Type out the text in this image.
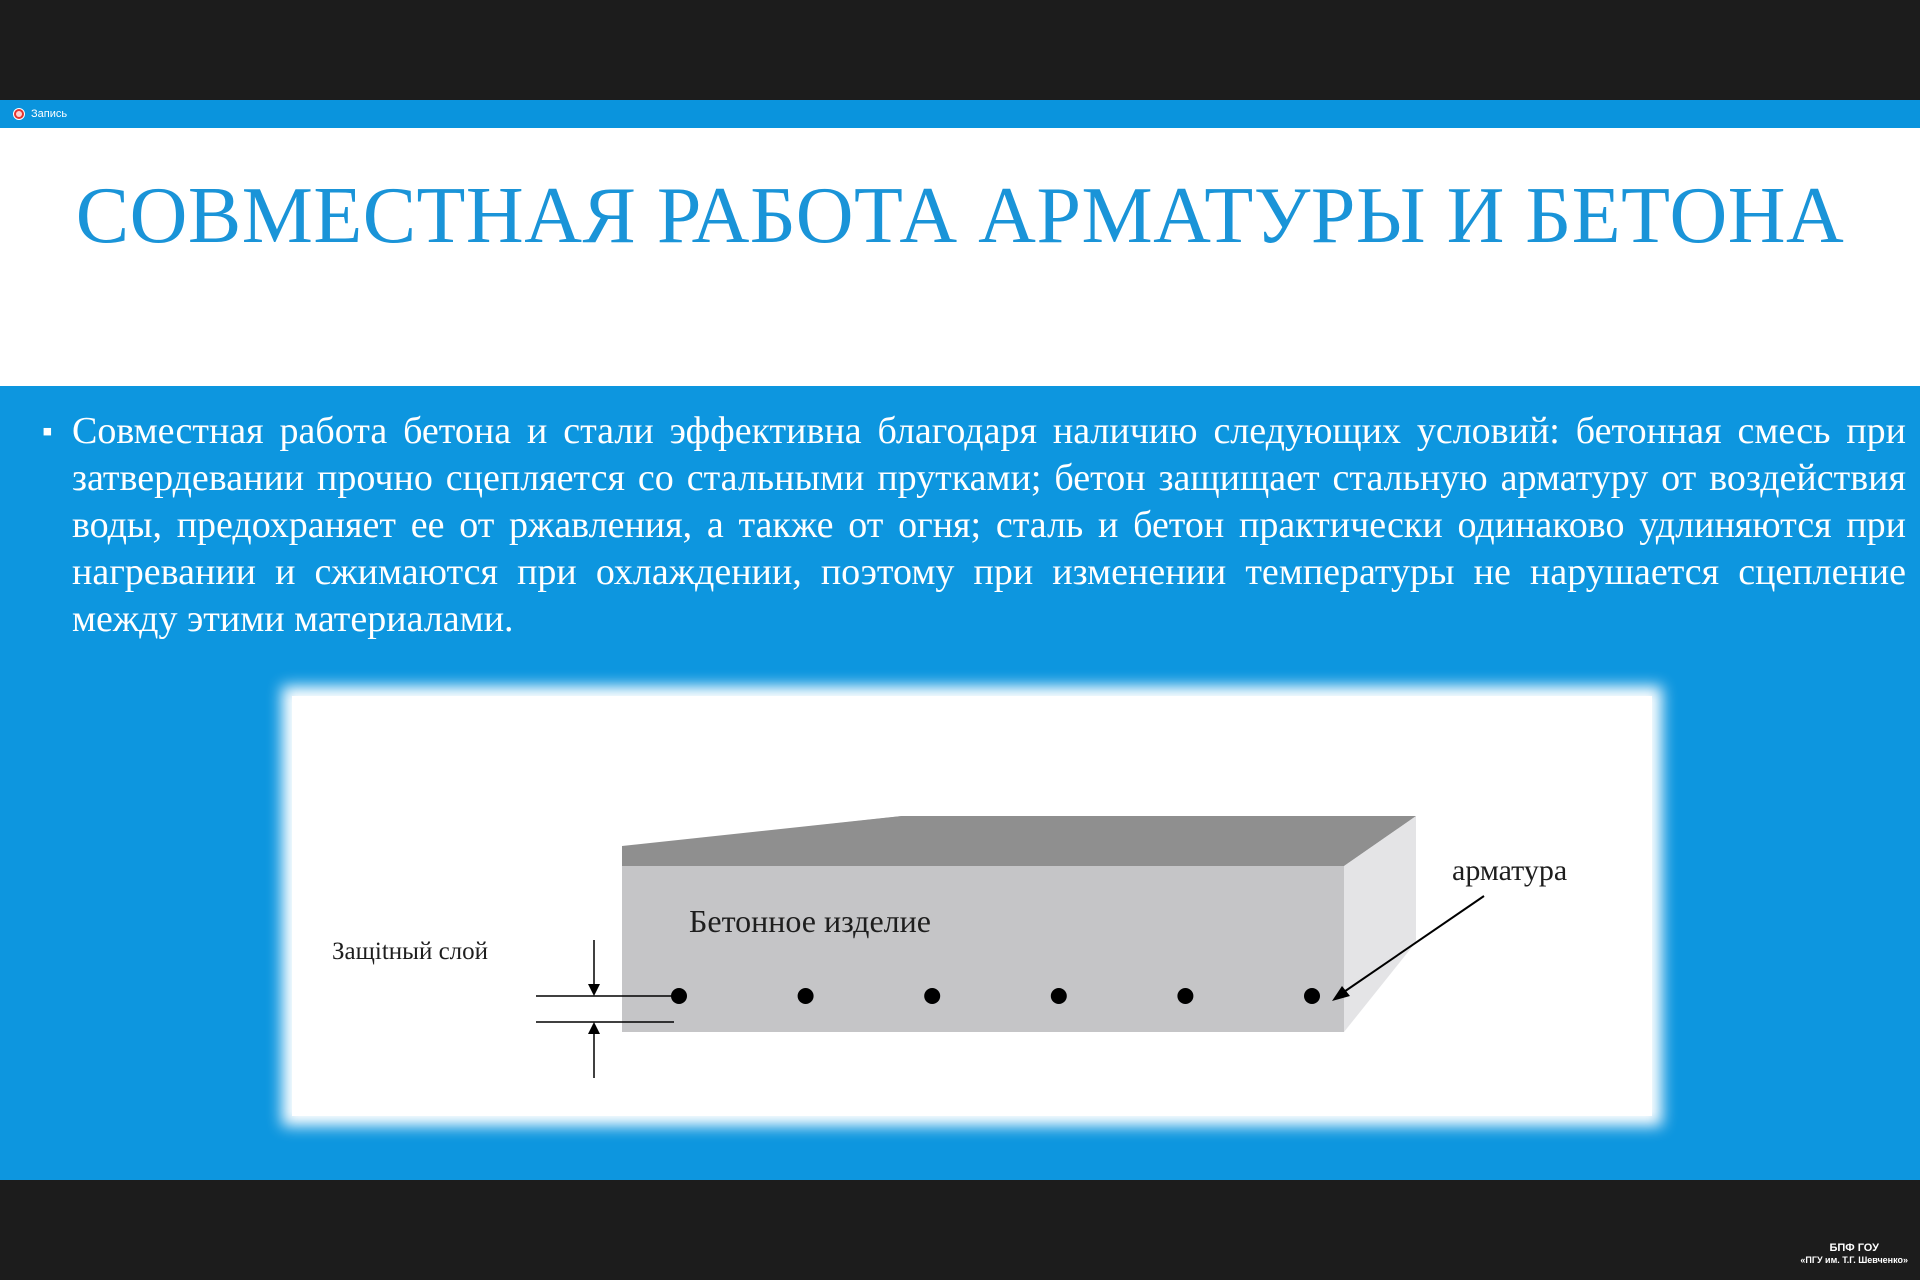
Запись
СОВМЕСТНАЯ РАБОТА АРМАТУРЫ И БЕТОНА
▪ Совместная работа бетона и стали эффективна благодаря наличию следующих условий: бетонная смесь при затвердевании прочно сцепляется со стальными прутками; бетон защищает стальную арматуру от воздействия воды, предохраняет ее от ржавления, а также от огня; сталь и бетон практически одинаково удлиняются при нагревании и сжимаются при охлаждении, поэтому при изменении температуры не нарушается сцепление между этими материалами.
Бетонное изделие
арматура
Защitный слой
БПФ ГОУ
«ПГУ им. Т.Г. Шевченко»
